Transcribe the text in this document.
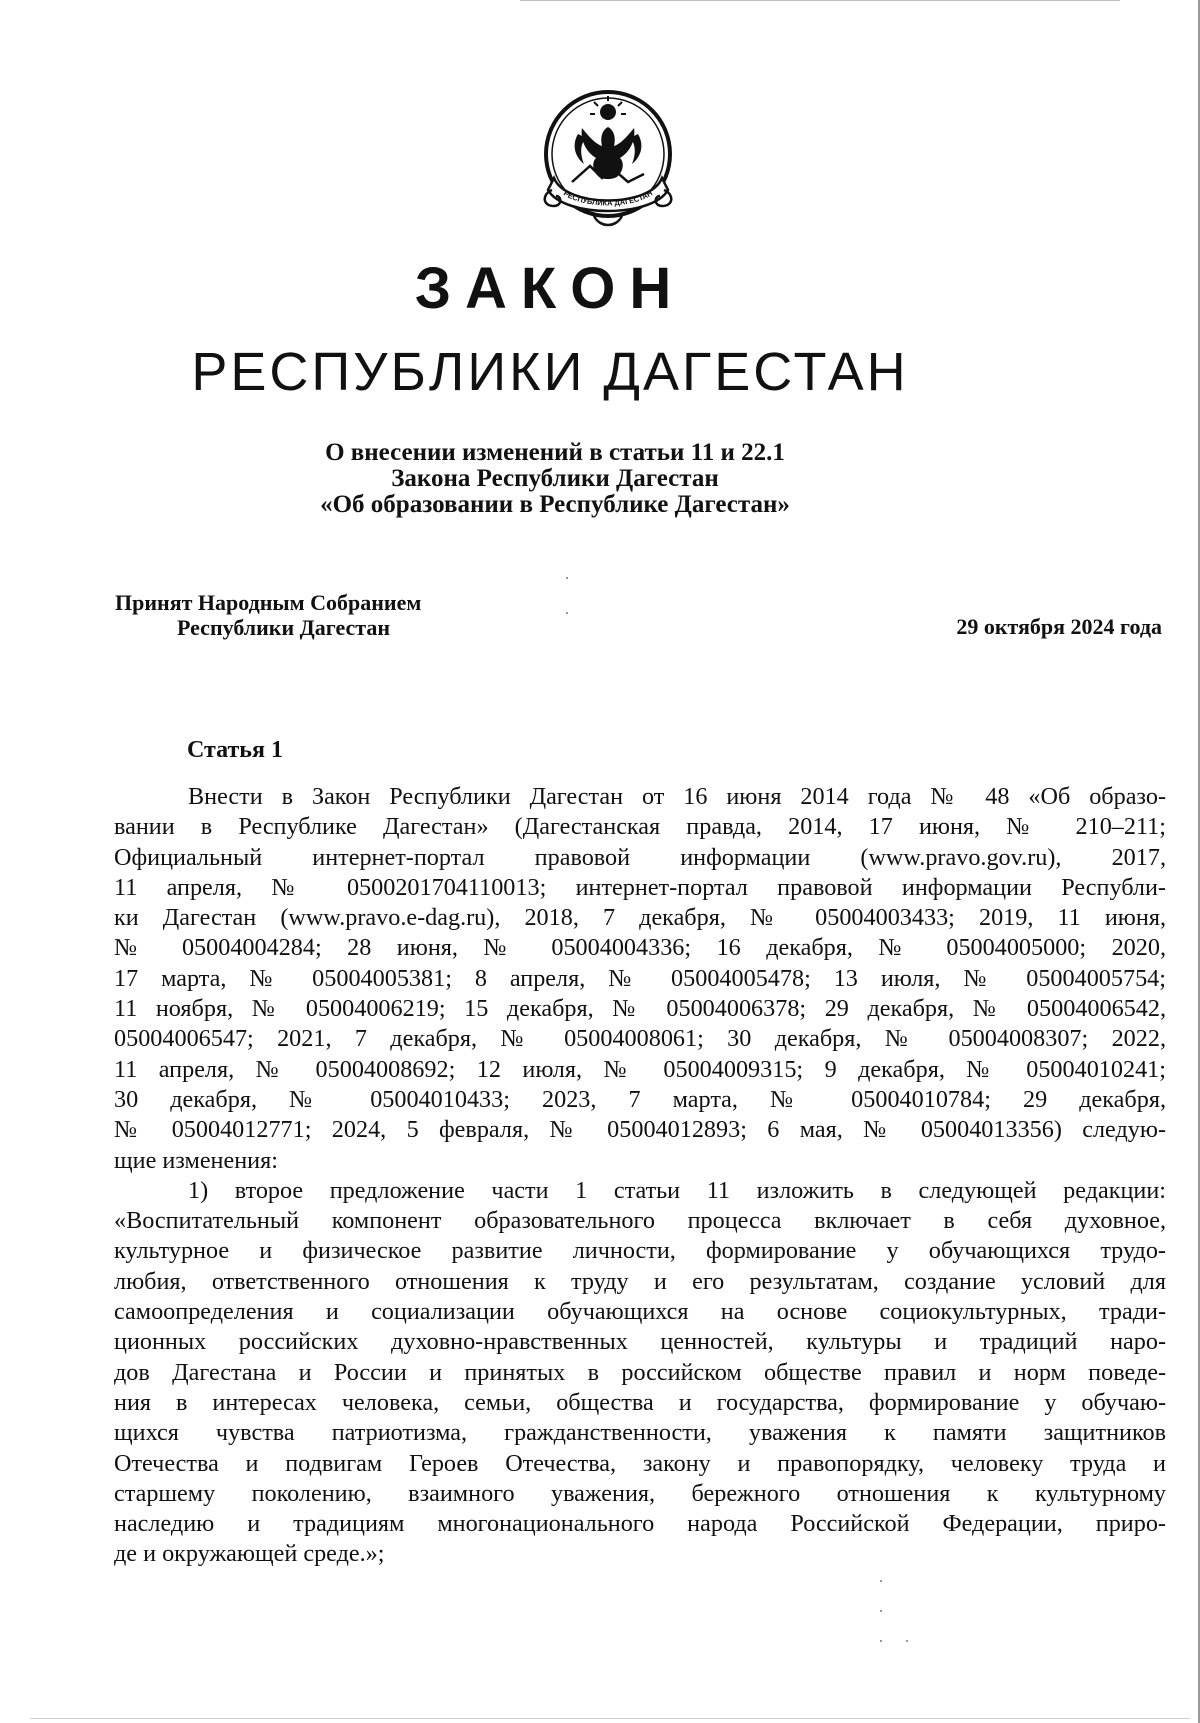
РЕСПУБЛИКА ДАГЕСТАН
ЗАКОН
РЕСПУБЛИКИ ДАГЕСТАН
О внесении изменений в статьи 11 и 22.1
Закона Республики Дагестан
«Об образовании в Республике Дагестан»
Принят Народным Собранием
Республики Дагестан	29 октября 2024 года
Статья 1
Внести в Закон Республики Дагестан от 16 июня 2014 года № 48 «Об образо-
вании в Республике Дагестан» (Дагестанская правда, 2014, 17 июня, № 210–211;
Официальный интернет-портал правовой информации (www.pravo.gov.ru), 2017,
11 апреля, № 0500201704110013; интернет-портал правовой информации Республи-
ки Дагестан (www.pravo.e-dag.ru), 2018, 7 декабря, № 05004003433; 2019, 11 июня,
№ 05004004284; 28 июня, № 05004004336; 16 декабря, № 05004005000; 2020,
17 марта, № 05004005381; 8 апреля, № 05004005478; 13 июля, № 05004005754;
11 ноября, № 05004006219; 15 декабря, № 05004006378; 29 декабря, № 05004006542,
05004006547; 2021, 7 декабря, № 05004008061; 30 декабря, № 05004008307; 2022,
11 апреля, № 05004008692; 12 июля, № 05004009315; 9 декабря, № 05004010241;
30 декабря, № 05004010433; 2023, 7 марта, № 05004010784; 29 декабря,
№ 05004012771; 2024, 5 февраля, № 05004012893; 6 мая, № 05004013356) следую-
щие изменения:
1) второе предложение части 1 статьи 11 изложить в следующей редакции:
«Воспитательный компонент образовательного процесса включает в себя духовное,
культурное и физическое развитие личности, формирование у обучающихся трудо-
любия, ответственного отношения к труду и его результатам, создание условий для
самоопределения и социализации обучающихся на основе социокультурных, тради-
ционных российских духовно-нравственных ценностей, культуры и традиций наро-
дов Дагестана и России и принятых в российском обществе правил и норм поведе-
ния в интересах человека, семьи, общества и государства, формирование у обучаю-
щихся чувства патриотизма, гражданственности, уважения к памяти защитников
Отечества и подвигам Героев Отечества, закону и правопорядку, человеку труда и
старшему поколению, взаимного уважения, бережного отношения к культурному
наследию и традициям многонационального народа Российской Федерации, приро-
де и окружающей среде.»;
